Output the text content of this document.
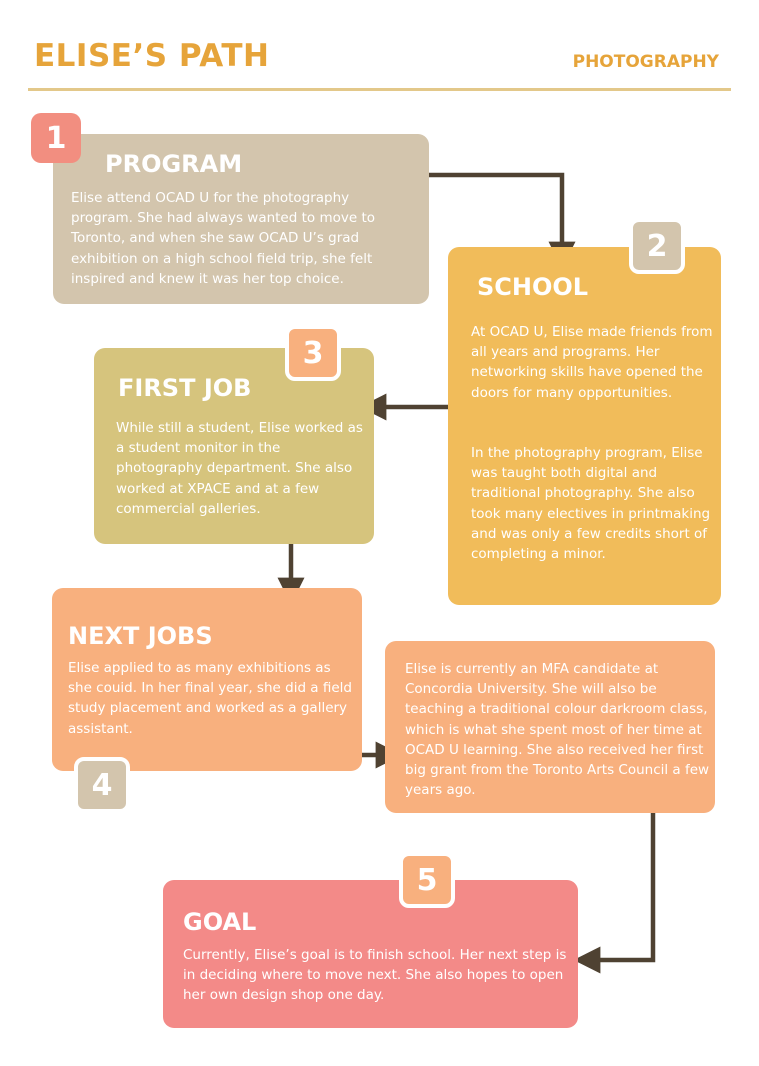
ELISE’S PATH	PHOTOGRAPHY
PROGRAM
Elise attend OCAD U for the photography program. She had always wanted to move to Toronto, and when she saw OCAD U’s grad exhibition on a high school field trip, she felt inspired and knew it was her top choice.
1
SCHOOL
At OCAD U, Elise made friends from all years and programs. Her networking skills have opened the doors for many opportunities.
In the photography program, Elise was taught both digital and traditional photography. She also took many electives in printmaking and was only a few credits short of completing a minor.
2
FIRST JOB
While still a student, Elise worked as a student monitor in the photography department. She also worked at XPACE and at a few commercial galleries.
3
NEXT JOBS
Elise applied to as many exhibitions as she couid. In her final year, she did a field study placement and worked as a gallery assistant.
4
Elise is currently an MFA candidate at Concordia University. She will also be teaching a traditional colour darkroom class, which is what she spent most of her time at OCAD U learning. She also received her first big grant from the Toronto Arts Council a few years ago.
GOAL
Currently, Elise’s goal is to finish school. Her next step is in deciding where to move next. She also hopes to open her own design shop one day.
5
